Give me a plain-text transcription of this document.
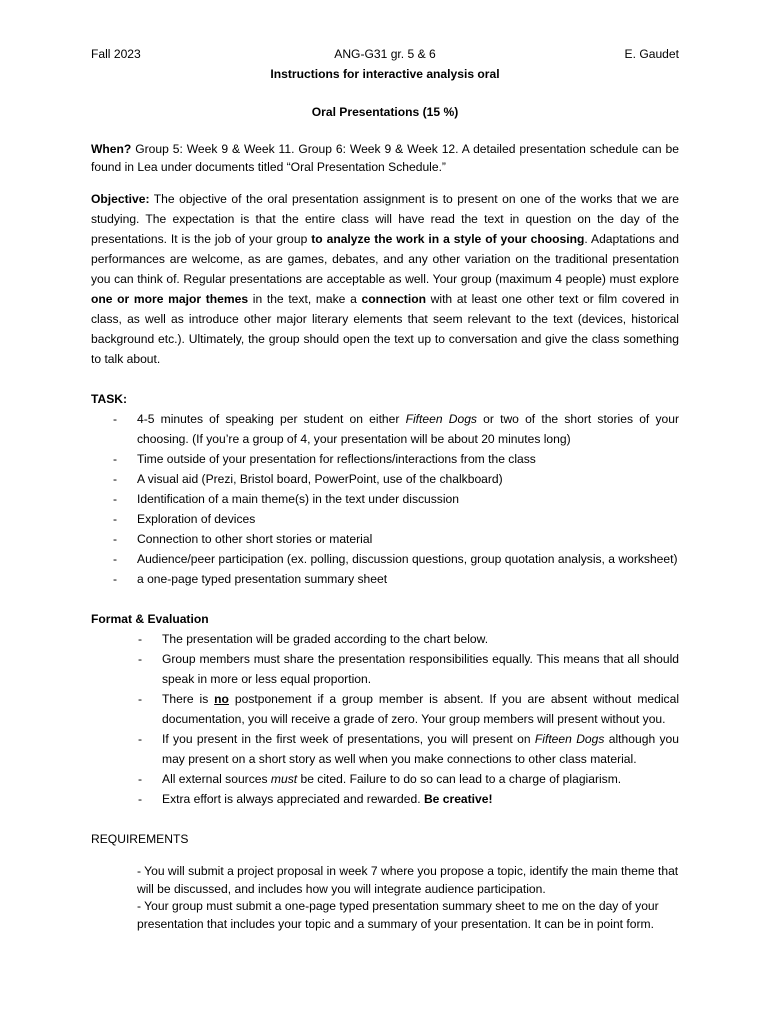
Fall 2023	ANG-G31 gr. 5 & 6	E. Gaudet
Instructions for interactive analysis oral
Oral Presentations (15 %)

When? Group 5: Week 9 & Week 11. Group 6: Week 9 & Week 12. A detailed presentation schedule can be found in Lea under documents titled “Oral Presentation Schedule.”

Objective: The objective of the oral presentation assignment is to present on one of the works that we are studying. The expectation is that the entire class will have read the text in question on the day of the presentations. It is the job of your group to analyze the work in a style of your choosing. Adaptations and performances are welcome, as are games, debates, and any other variation on the traditional presentation you can think of. Regular presentations are acceptable as well. Your group (maximum 4 people) must explore one or more major themes in the text, make a connection with at least one other text or film covered in class, as well as introduce other major literary elements that seem relevant to the text (devices, historical background etc.). Ultimately, the group should open the text up to conversation and give the class something to talk about.

TASK:
- 4-5 minutes of speaking per student on either Fifteen Dogs or two of the short stories of your choosing. (If you’re a group of 4, your presentation will be about 20 minutes long)
- Time outside of your presentation for reflections/interactions from the class
- A visual aid (Prezi, Bristol board, PowerPoint, use of the chalkboard)
- Identification of a main theme(s) in the text under discussion
- Exploration of devices
- Connection to other short stories or material
- Audience/peer participation (ex. polling, discussion questions, group quotation analysis, a worksheet)
- a one-page typed presentation summary sheet
Format & Evaluation
- The presentation will be graded according to the chart below.
- Group members must share the presentation responsibilities equally. This means that all should speak in more or less equal proportion.
- There is no postponement if a group member is absent. If you are absent without medical documentation, you will receive a grade of zero. Your group members will present without you.
- If you present in the first week of presentations, you will present on Fifteen Dogs although you may present on a short story as well when you make connections to other class material.
- All external sources must be cited. Failure to do so can lead to a charge of plagiarism.
- Extra effort is always appreciated and rewarded. Be creative!
REQUIREMENTS

- You will submit a project proposal in week 7 where you propose a topic, identify the main theme that will be discussed, and includes how you will integrate audience participation.

- Your group must submit a one-page typed presentation summary sheet to me on the day of your presentation that includes your topic and a summary of your presentation. It can be in point form.
